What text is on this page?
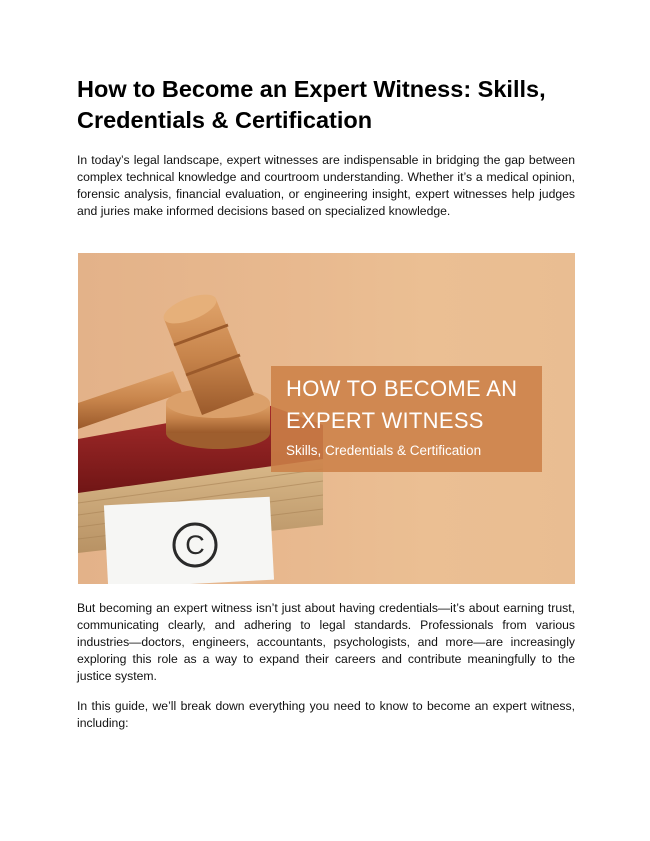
How to Become an Expert Witness: Skills, Credentials & Certification

In today’s legal landscape, expert witnesses are indispensable in bridging the gap between complex technical knowledge and courtroom understanding. Whether it’s a medical opinion, forensic analysis, financial evaluation, or engineering insight, expert witnesses help judges and juries make informed decisions based on specialized knowledge.

C

HOW TO BECOME AN

EXPERT WITNESS

Skills, Credentials & Certification

But becoming an expert witness isn’t just about having credentials—it’s about earning trust, communicating clearly, and adhering to legal standards. Professionals from various industries—doctors, engineers, accountants, psychologists, and more—are increasingly exploring this role as a way to expand their careers and contribute meaningfully to the justice system.

In this guide, we’ll break down everything you need to know to become an expert witness, including:
